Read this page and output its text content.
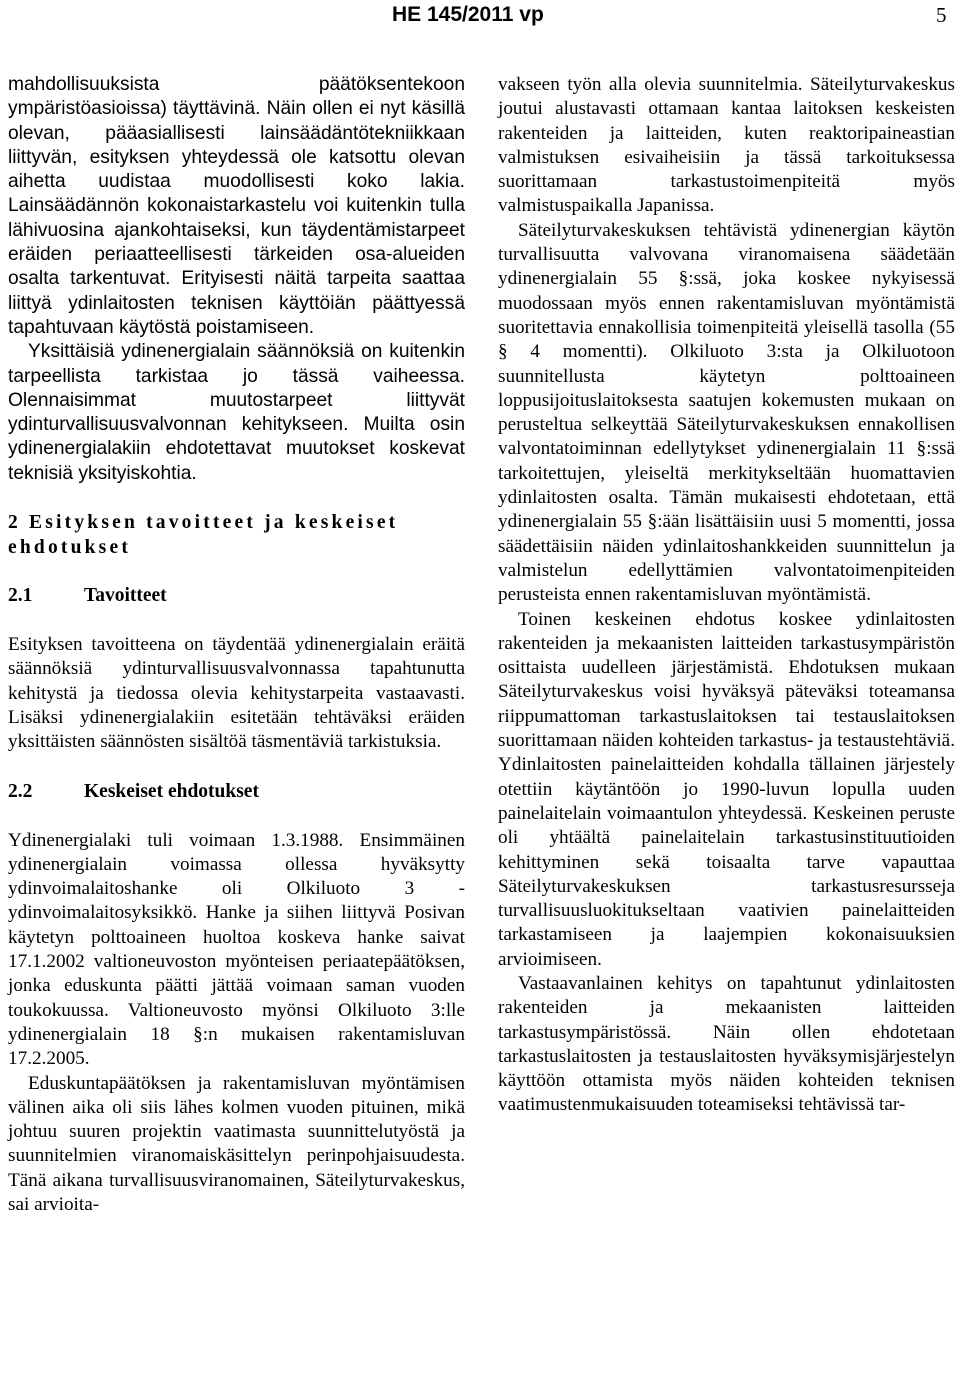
HE 145/2011 vp	5

mahdollisuuksista päätöksentekoon ympäristöasioissa) täyttävinä. Näin ollen ei nyt käsillä olevan, pääasiallisesti lainsäädäntötekniikkaan liittyvän, esityksen yhteydessä ole katsottu olevan aihetta uudistaa muodollisesti koko lakia. Lainsäädännön kokonaistarkastelu voi kuitenkin tulla lähivuosina ajankohtaiseksi, kun täydentämistarpeet eräiden periaatteellisesti tärkeiden osa-alueiden osalta tarkentuvat. Erityisesti näitä tarpeita saattaa liittyä ydinlaitosten teknisen käyttöiän päättyessä tapahtuvaan käytöstä poistamiseen.

Yksittäisiä ydinenergialain säännöksiä on kuitenkin tarpeellista tarkistaa jo tässä vaiheessa. Olennaisimmat muutostarpeet liittyvät ydinturvallisuusvalvonnan kehitykseen. Muilta osin ydinenergialakiin ehdotettavat muutokset koskevat teknisiä yksityiskohtia.

2 Esityksen tavoitteet ja keskeiset ehdotukset
2.1	Tavoitteet

Esityksen tavoitteena on täydentää ydinenergialain eräitä säännöksiä ydinturvallisuusvalvonnassa tapahtunutta kehitystä ja tiedossa olevia kehitystarpeita vastaavasti. Lisäksi ydinenergialakiin esitetään tehtäväksi eräiden yksittäisten säännösten sisältöä täsmentäviä tarkistuksia.

2.2	Keskeiset ehdotukset

Ydinenergialaki tuli voimaan 1.3.1988. Ensimmäinen ydinenergialain voimassa ollessa hyväksytty ydinvoimalaitoshanke oli Olkiluoto 3 -ydinvoimalaitosyksikkö. Hanke ja siihen liittyvä Posivan käytetyn polttoaineen huoltoa koskeva hanke saivat 17.1.2002 valtioneuvoston myönteisen periaatepäätöksen, jonka eduskunta päätti jättää voimaan saman vuoden toukokuussa. Valtioneuvosto myönsi Olkiluoto 3:lle ydinenergialain 18 §:n mukaisen rakentamisluvan 17.2.2005.

Eduskuntapäätöksen ja rakentamisluvan myöntämisen välinen aika oli siis lähes kolmen vuoden pituinen, mikä johtuu suuren projektin vaatimasta suunnittelutyöstä ja suunnitelmien viranomaiskäsittelyn perinpohjaisuudesta. Tänä aikana turvallisuusviranomainen, Säteilyturvakeskus, sai arvioita-

vakseen työn alla olevia suunnitelmia. Säteilyturvakeskus joutui alustavasti ottamaan kantaa laitoksen keskeisten rakenteiden ja laitteiden, kuten reaktoripaineastian valmistuksen esivaiheisiin ja tässä tarkoituksessa suorittamaan tarkastustoimenpiteitä myös valmistuspaikalla Japanissa.

Säteilyturvakeskuksen tehtävistä ydinenergian käytön turvallisuutta valvovana viranomaisena säädetään ydinenergialain 55 §:ssä, joka koskee nykyisessä muodossaan myös ennen rakentamisluvan myöntämistä suoritettavia ennakollisia toimenpiteitä yleisellä tasolla (55 § 4 momentti). Olkiluoto 3:sta ja Olkiluotoon suunnitellusta käytetyn polttoaineen loppusijoituslaitoksesta saatujen kokemusten mukaan on perusteltua selkeyttää Säteilyturvakeskuksen ennakollisen valvontatoiminnan edellytykset ydinenergialain 11 §:ssä tarkoitettujen, yleiseltä merkitykseltään huomattavien ydinlaitosten osalta. Tämän mukaisesti ehdotetaan, että ydinenergialain 55 §:ään lisättäisiin uusi 5 momentti, jossa säädettäisiin näiden ydinlaitoshankkeiden suunnittelun ja valmistelun edellyttämien valvontatoimenpiteiden perusteista ennen rakentamisluvan myöntämistä.

Toinen keskeinen ehdotus koskee ydinlaitosten rakenteiden ja mekaanisten laitteiden tarkastusympäristön osittaista uudelleen järjestämistä. Ehdotuksen mukaan Säteilyturvakeskus voisi hyväksyä päteväksi toteamansa riippumattoman tarkastuslaitoksen tai testauslaitoksen suorittamaan näiden kohteiden tarkastus- ja testaustehtäviä. Ydinlaitosten painelaitteiden kohdalla tällainen järjestely otettiin käytäntöön jo 1990-luvun lopulla uuden painelaitelain voimaantulon yhteydessä. Keskeinen peruste oli yhtäältä painelaitelain tarkastusinstituutioiden kehittyminen sekä toisaalta tarve vapauttaa Säteilyturvakeskuksen tarkastusresursseja turvallisuusluokitukseltaan vaativien painelaitteiden tarkastamiseen ja laajempien kokonaisuuksien arvioimiseen.

Vastaavanlainen kehitys on tapahtunut ydinlaitosten rakenteiden ja mekaanisten laitteiden tarkastusympäristössä. Näin ollen ehdotetaan tarkastuslaitosten ja testauslaitosten hyväksymisjärjestelyn käyttöön ottamista myös näiden kohteiden teknisen vaatimustenmukaisuuden toteamiseksi tehtävissä tar-
